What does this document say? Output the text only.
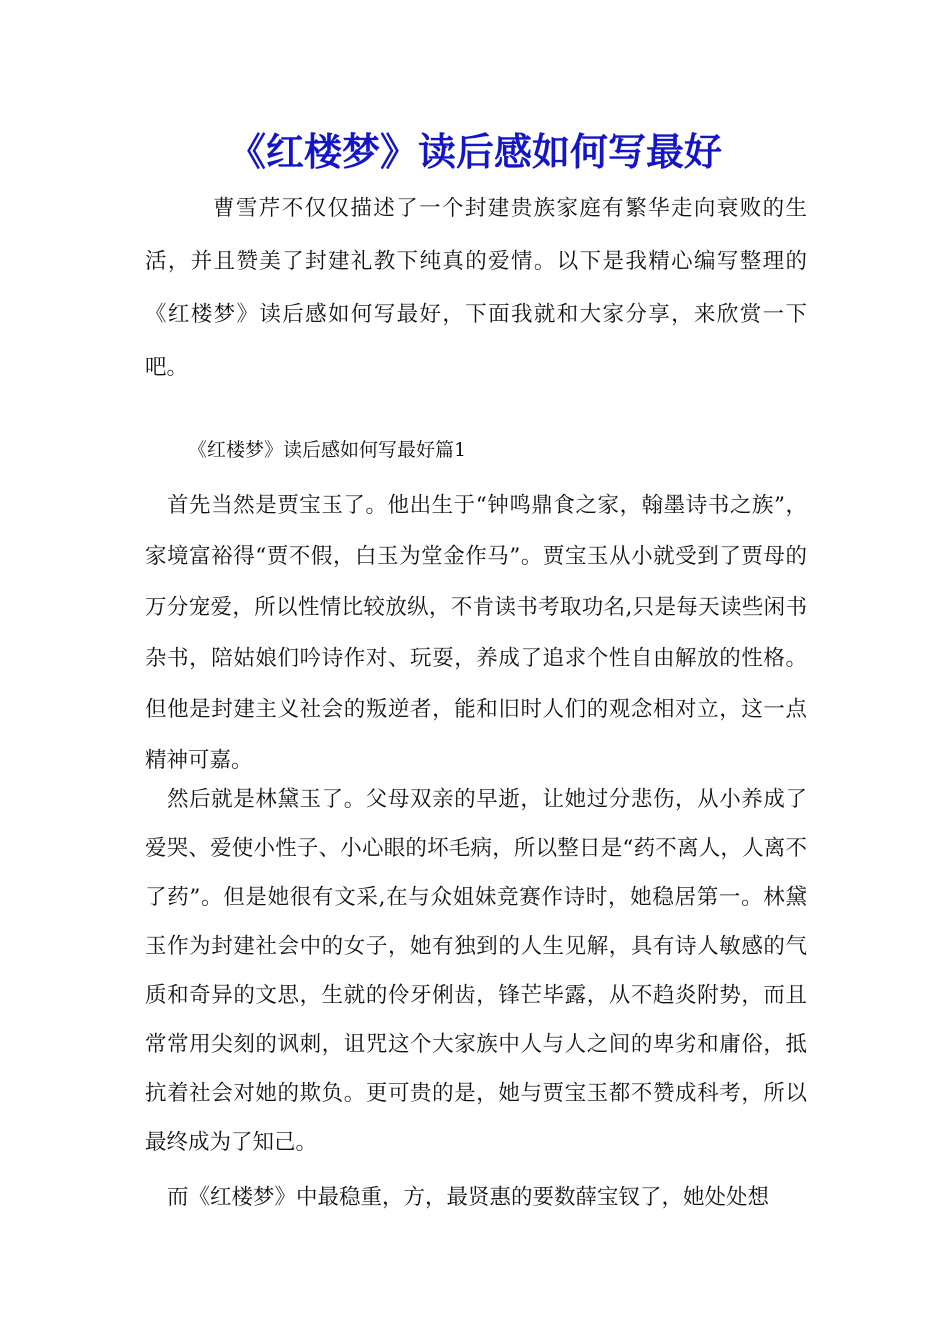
《红楼梦》读后感如何写最好

曹雪芹不仅仅描述了一个封建贵族家庭有繁华走向衰败的生活，并且赞美了封建礼教下纯真的爱情。以下是我精心编写整理的《红楼梦》读后感如何写最好，下面我就和大家分享，来欣赏一下吧。

《红楼梦》读后感如何写最好篇1

首先当然是贾宝玉了。他出生于“钟鸣鼎食之家，翰墨诗书之族”，家境富裕得“贾不假，白玉为堂金作马”。贾宝玉从小就受到了贾母的万分宠爱，所以性情比较放纵，不肯读书考取功名,只是每天读些闲书杂书，陪姑娘们吟诗作对、玩耍，养成了追求个性自由解放的性格。但他是封建主义社会的叛逆者，能和旧时人们的观念相对立，这一点精神可嘉。

然后就是林黛玉了。父母双亲的早逝，让她过分悲伤，从小养成了爱哭、爱使小性子、小心眼的坏毛病，所以整日是“药不离人，人离不了药”。但是她很有文采,在与众姐妹竞赛作诗时，她稳居第一。林黛玉作为封建社会中的女子，她有独到的人生见解，具有诗人敏感的气质和奇异的文思，生就的伶牙俐齿，锋芒毕露，从不趋炎附势，而且常常用尖刻的讽刺，诅咒这个大家族中人与人之间的卑劣和庸俗，抵抗着社会对她的欺负。更可贵的是，她与贾宝玉都不赞成科考，所以最终成为了知己。

而《红楼梦》中最稳重，方，最贤惠的要数薛宝钗了，她处处想
